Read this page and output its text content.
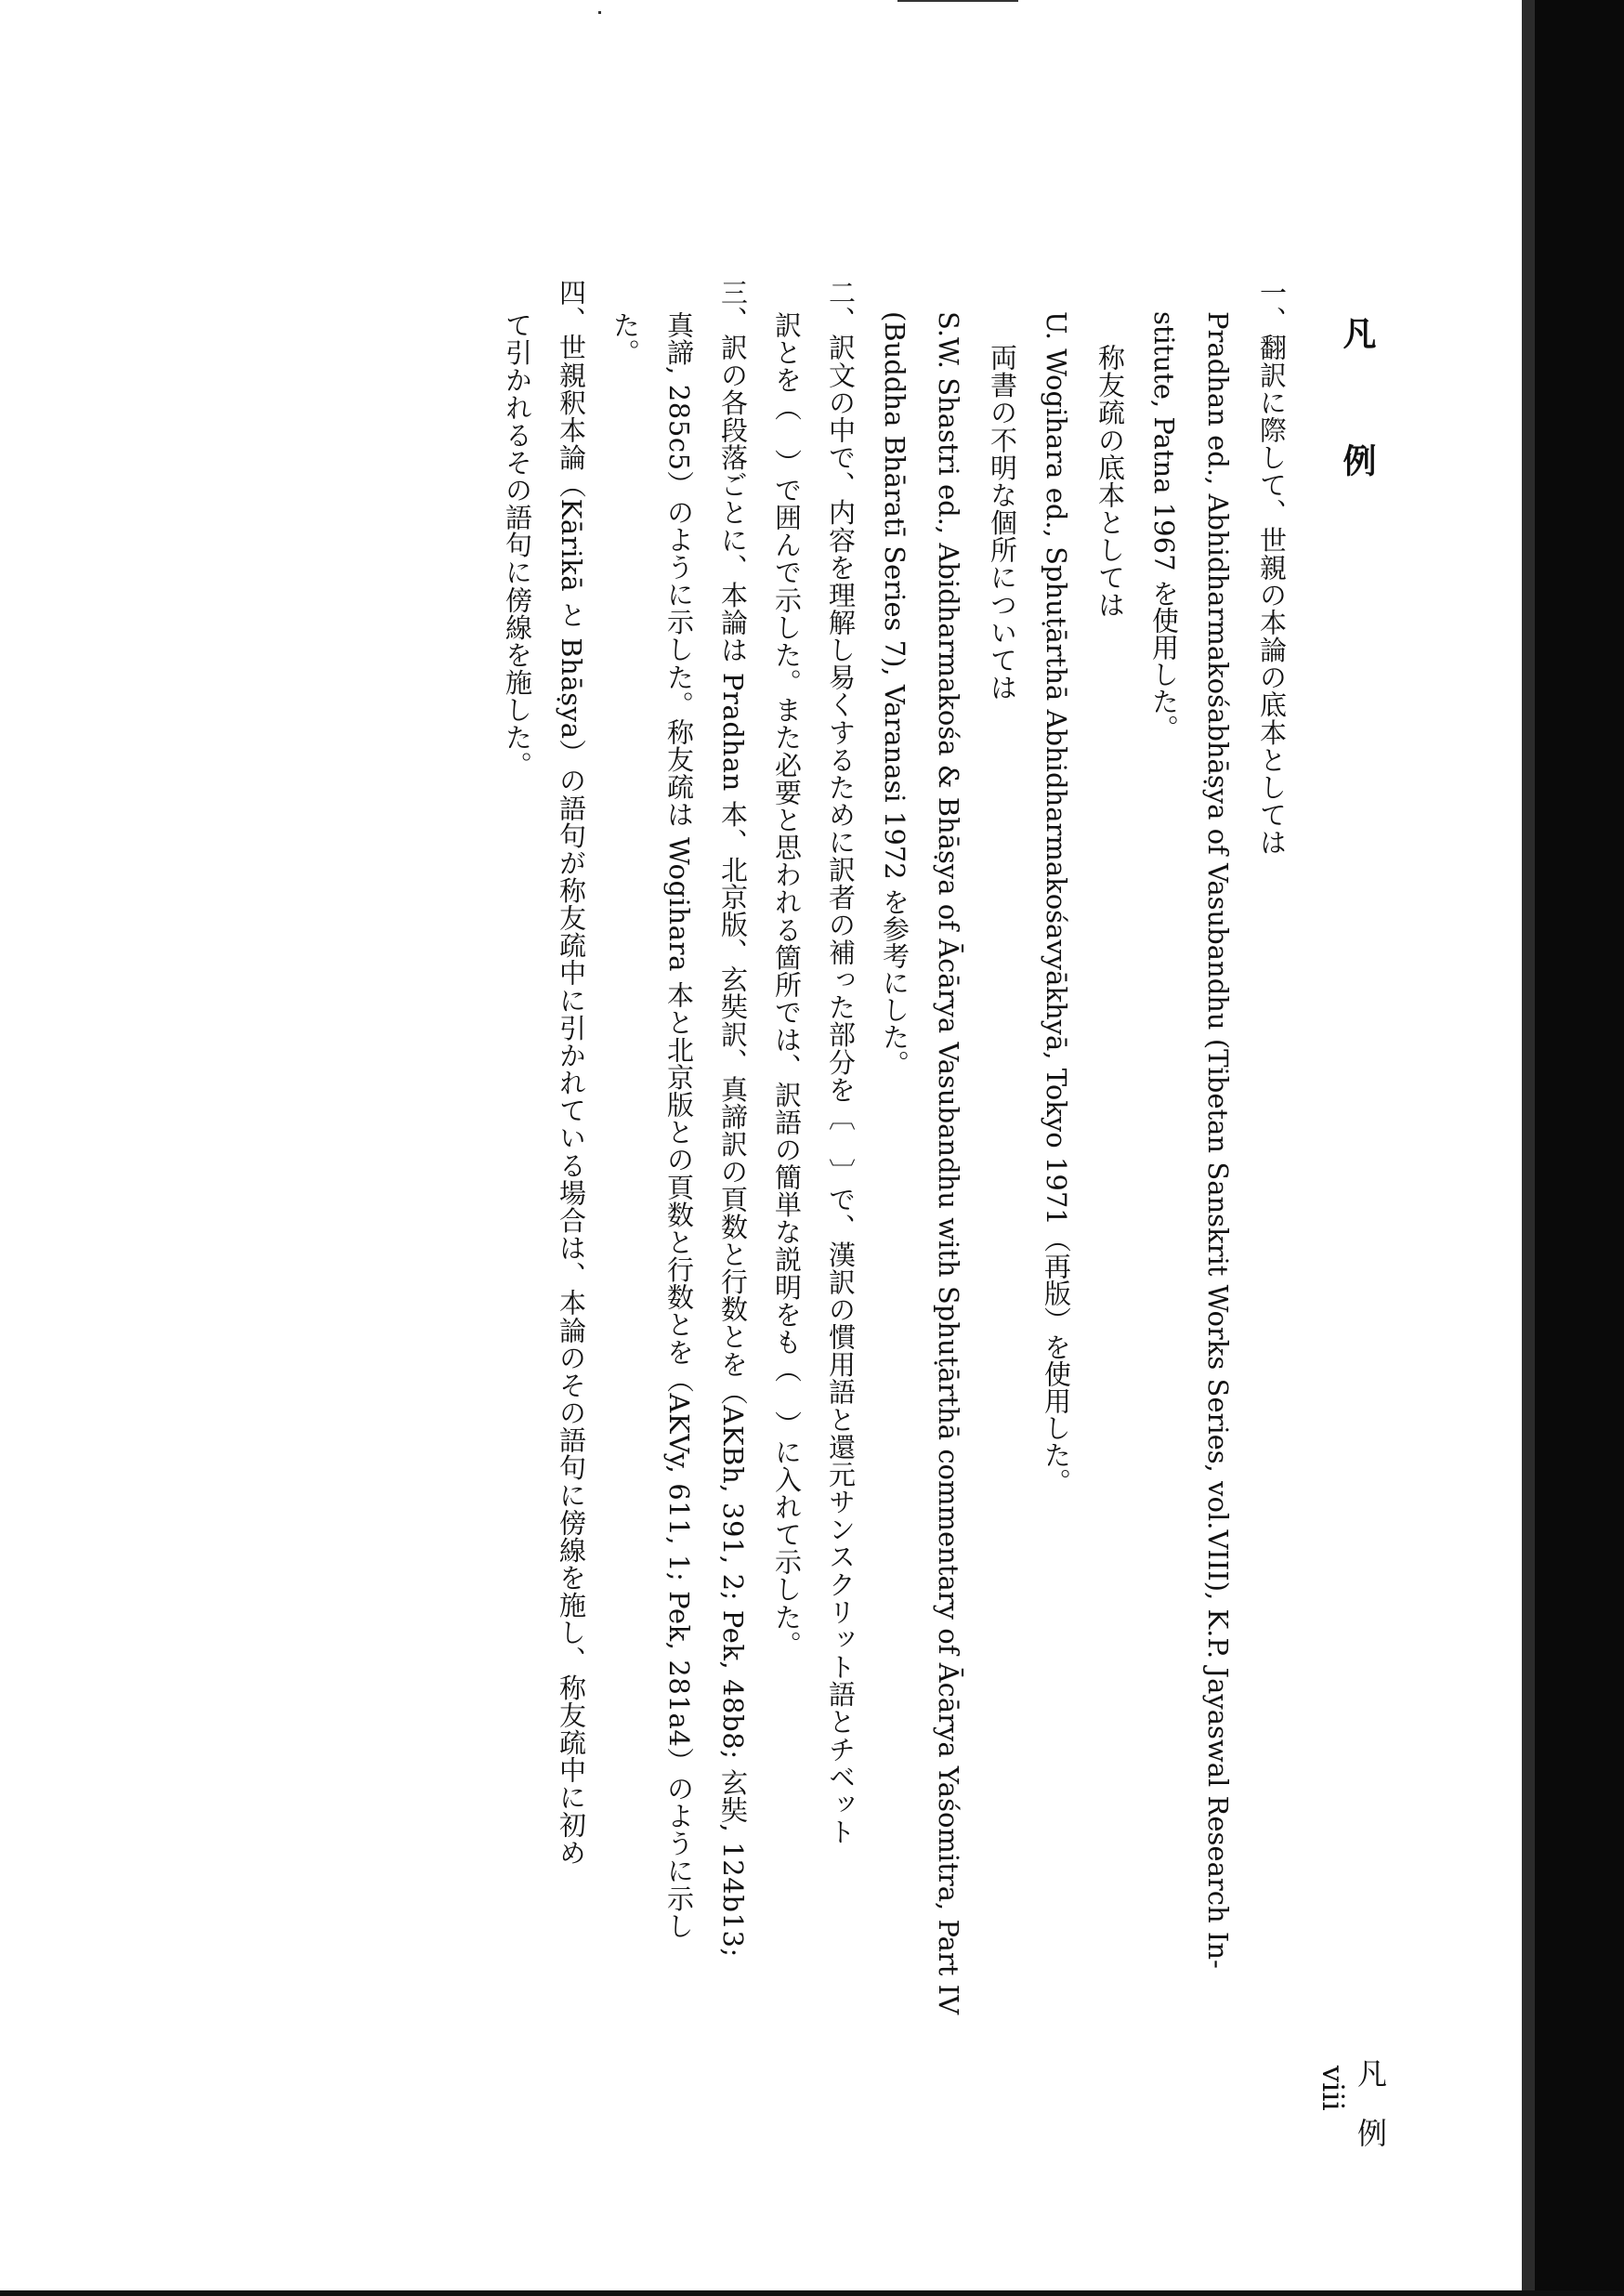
凡　例
一、翻訳に際して、世親の本論の底本としては
Pradhan ed., Abhidharmakośabhāṣya of Vasubandhu (Tibetan Sanskrit Works Series, vol.VIII), K.P. Jayaswal Research In-
stitute, Patna 1967 を使用した。
称友疏の底本としては
U. Wogihara ed., Sphuṭārthā Abhidharmakośavyākhyā, Tokyo 1971（再版）を使用した。
両書の不明な個所については
S.W. Shastri ed., Abidharmakośa & Bhāṣya of Ācārya Vasubandhu with Sphuṭārthā commentary of Ācārya Yaśomitra, Part IV
(Buddha Bhāratī Series 7), Varanasi 1972 を参考にした。
二、訳文の中で、内容を理解し易くするために訳者の補った部分を〔　〕で、漢訳の慣用語と還元サンスクリット語とチベット
訳とを（　）で囲んで示した。また必要と思われる箇所では、訳語の簡単な説明をも（　）に入れて示した。
三、訳の各段落ごとに、本論は Pradhan 本、北京版、玄奘訳、真諦訳の頁数と行数とを（AKBh, 391, 2; Pek, 48b8; 玄奘, 124b13;
真諦, 285c5）のように示した。称友疏は Wogihara 本と北京版との頁数と行数とを（AKVy, 611, 1; Pek, 281a4）のように示し
た。
四、世親釈本論（Kārikā と Bhāṣya）の語句が称友疏中に引かれている場合は、本論のその語句に傍線を施し、称友疏中に初め
て引かれるその語句に傍線を施した。
凡　例
viii
